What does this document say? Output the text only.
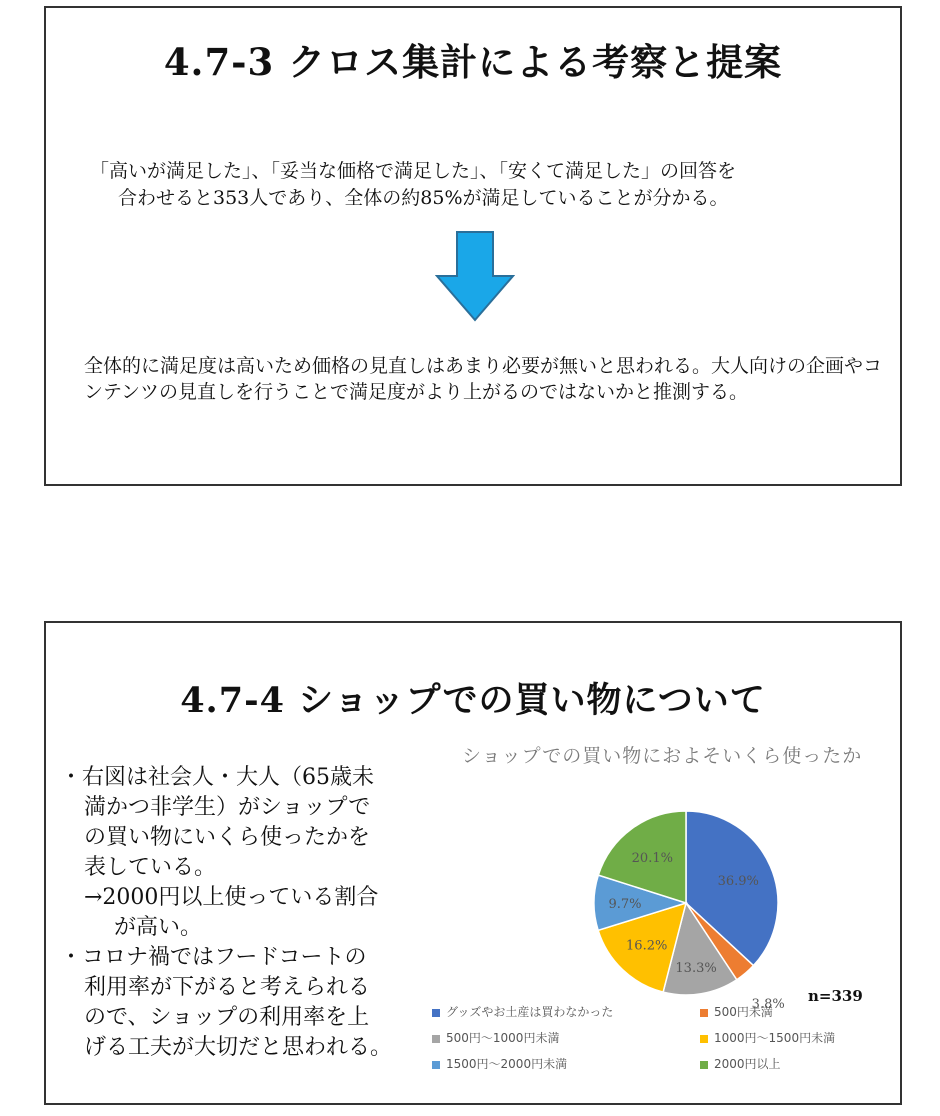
4.7-3 クロス集計による考察と提案
「高いが満足した」、「妥当な価格で満足した」、「安くて満足した」の回答を
合わせると353人であり、全体の約85%が満足していることが分かる。
全体的に満足度は高いため価格の見直しはあまり必要が無いと思われる。大人向けの企画やコンテンツの見直しを行うことで満足度がより上がるのではないかと推測する。
4.7-4 ショップでの買い物について
・右図は社会人・大人（65歳未
満かつ非学生）がショップで
の買い物にいくら使ったかを
表している。
→2000円以上使っている割合
が高い。
・コロナ禍ではフードコートの
利用率が下がると考えられる
ので、ショップの利用率を上
げる工夫が大切だと思われる。
ショップでの買い物におよそいくら使ったか
36.9%
3.8%
13.3%
16.2%
9.7%
20.1%
n=339
グッズやお土産は買わなかった	500円未満
500円～1000円未満	1000円～1500円未満
1500円～2000円未満	2000円以上
